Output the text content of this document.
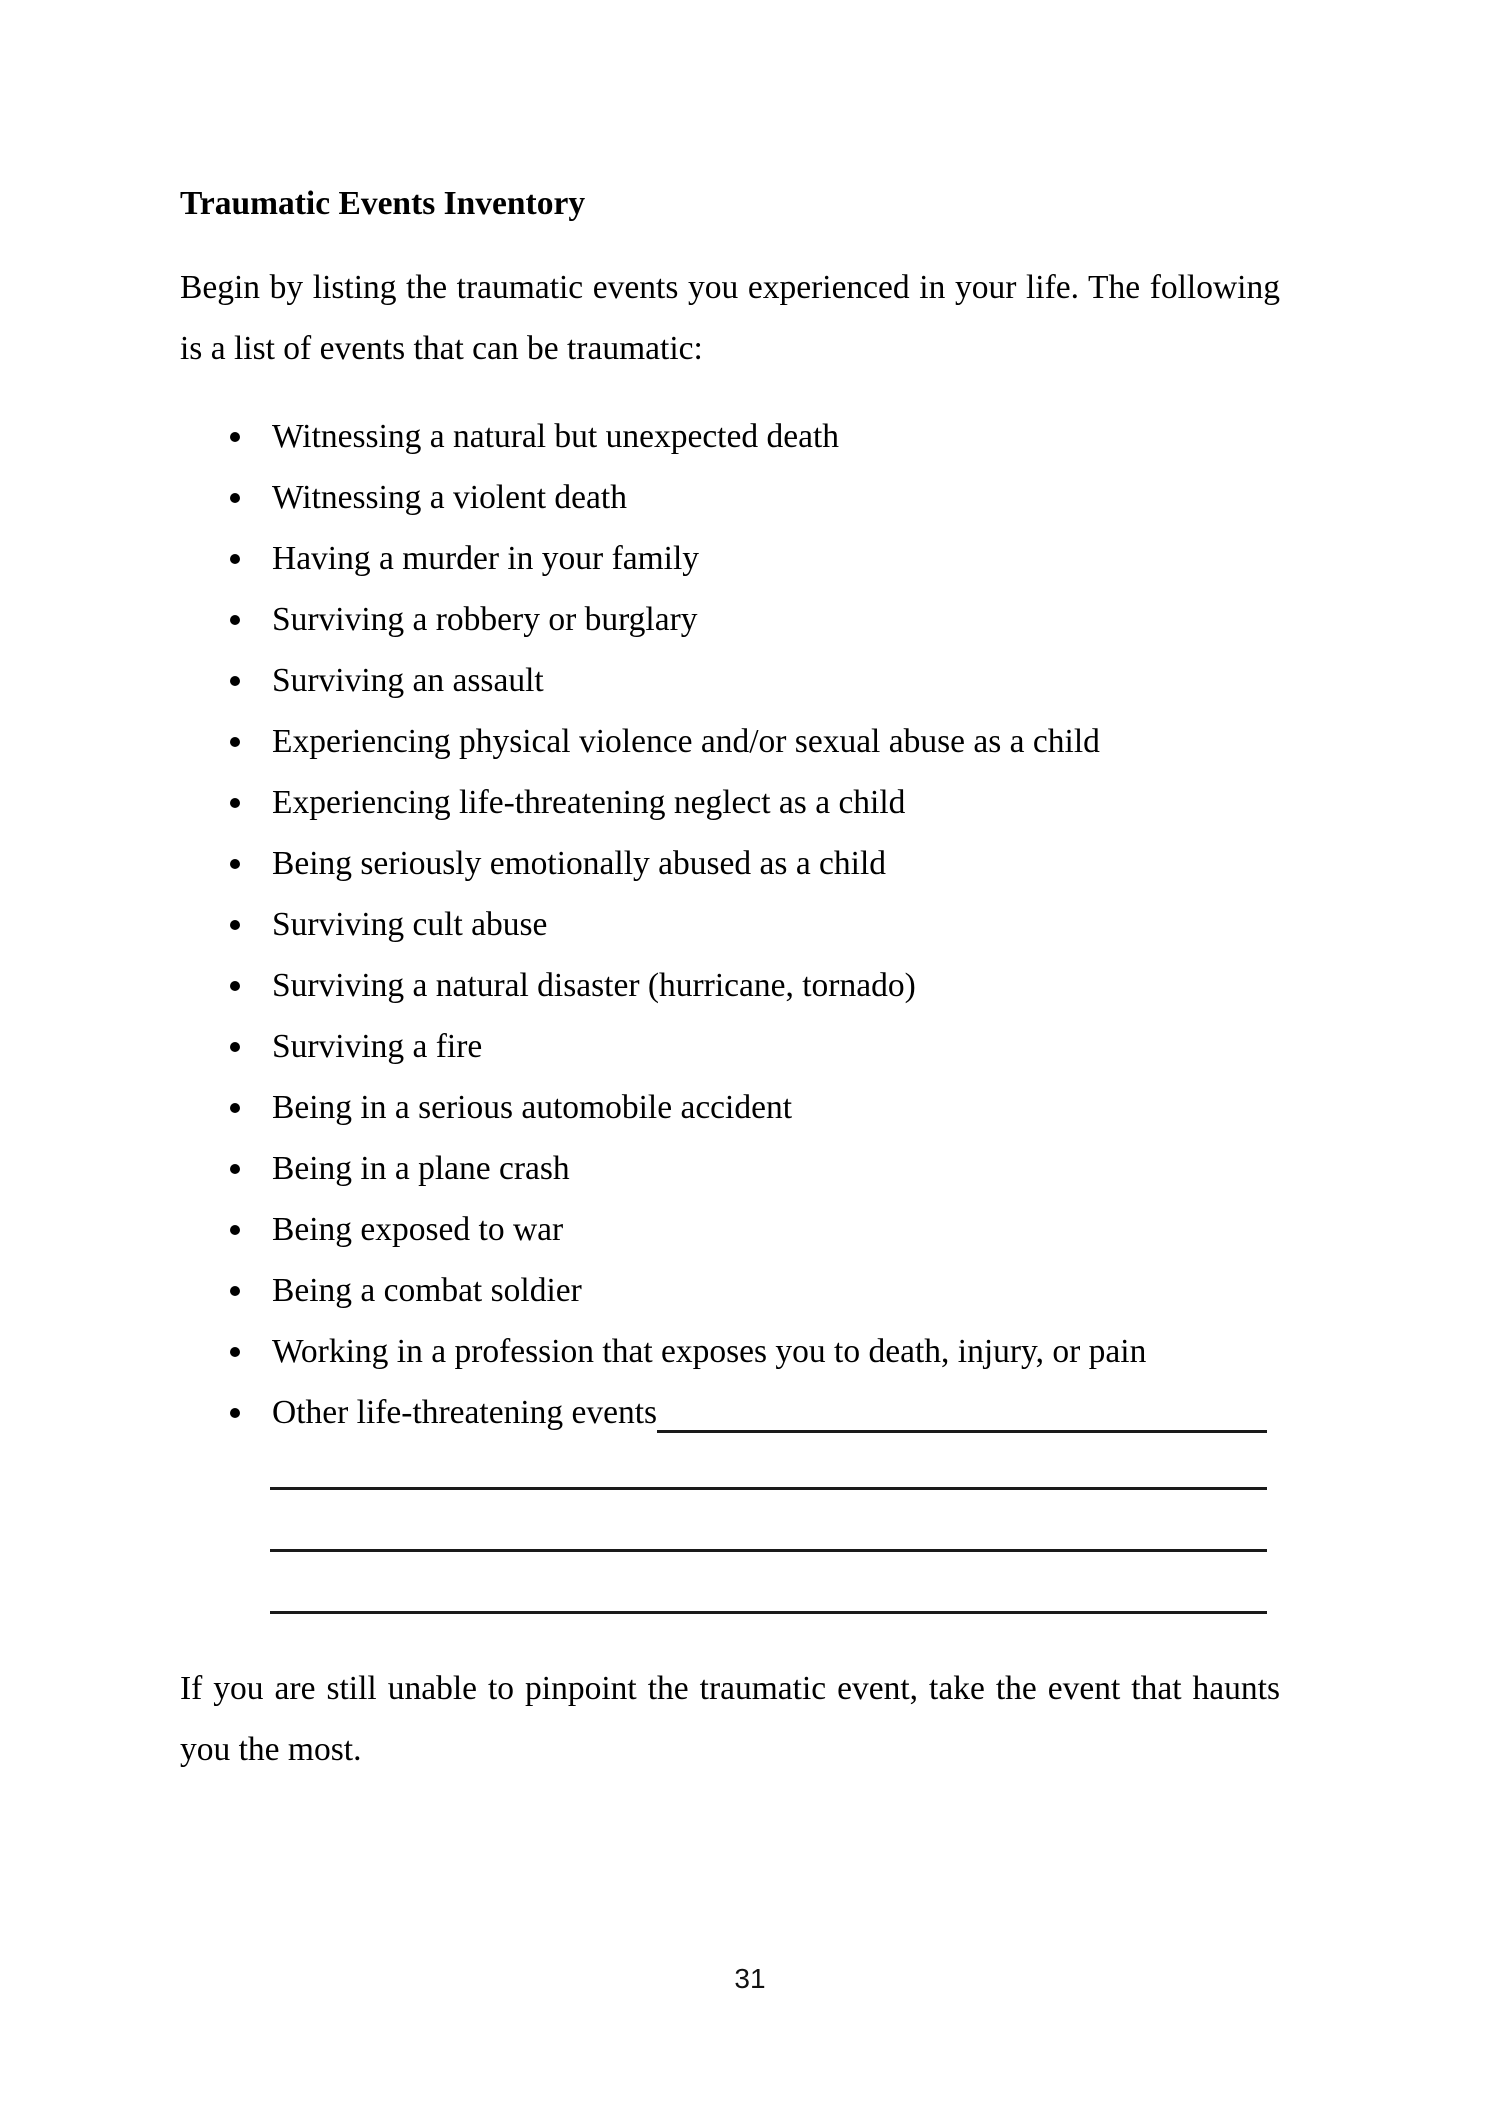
Traumatic Events Inventory

Begin by listing the traumatic events you experienced in your life. The following is a list of events that can be traumatic:

Witnessing a natural but unexpected death
Witnessing a violent death
Having a murder in your family
Surviving a robbery or burglary
Surviving an assault
Experiencing physical violence and/or sexual abuse as a child
Experiencing life-threatening neglect as a child
Being seriously emotionally abused as a child
Surviving cult abuse
Surviving a natural disaster (hurricane, tornado)
Surviving a fire
Being in a serious automobile accident
Being in a plane crash
Being exposed to war
Being a combat soldier
Working in a profession that exposes you to death, injury, or pain
Other life-threatening events

If you are still unable to pinpoint the traumatic event, take the event that haunts you the most.

31
